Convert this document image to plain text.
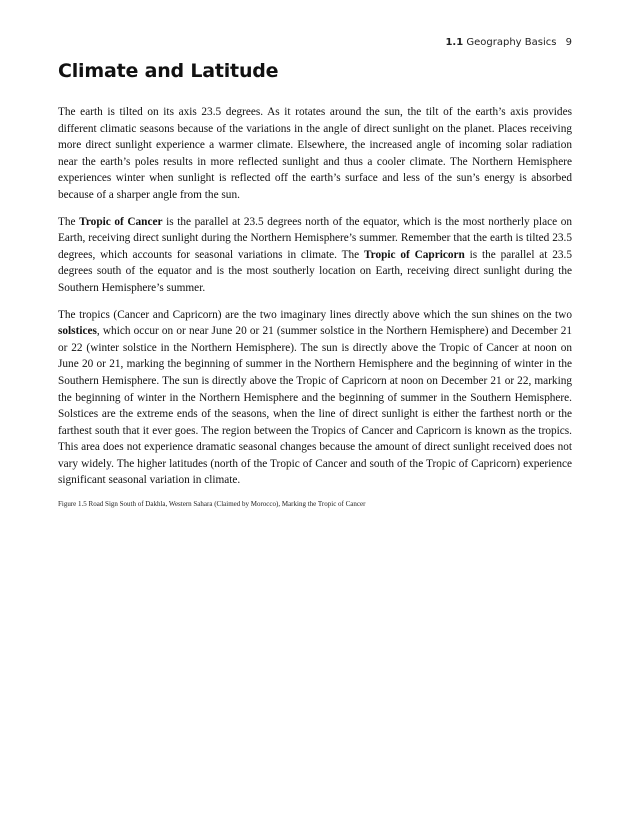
1.1 Geography Basics 9
Climate and Latitude

The earth is tilted on its axis 23.5 degrees. As it rotates around the sun, the tilt of the earth’s axis provides different climatic seasons because of the variations in the angle of direct sunlight on the planet. Places receiving more direct sunlight experience a warmer climate. Elsewhere, the increased angle of incoming solar radiation near the earth’s poles results in more reflected sunlight and thus a cooler climate. The Northern Hemisphere experiences winter when sunlight is reflected off the earth’s surface and less of the sun’s energy is absorbed because of a sharper angle from the sun.

The Tropic of Cancer is the parallel at 23.5 degrees north of the equator, which is the most northerly place on Earth, receiving direct sunlight during the Northern Hemisphere’s summer. Remember that the earth is tilted 23.5 degrees, which accounts for seasonal variations in climate. The Tropic of Capricorn is the parallel at 23.5 degrees south of the equator and is the most southerly location on Earth, receiving direct sunlight during the Southern Hemisphere’s summer.

The tropics (Cancer and Capricorn) are the two imaginary lines directly above which the sun shines on the two solstices, which occur on or near June 20 or 21 (summer solstice in the Northern Hemisphere) and December 21 or 22 (winter solstice in the Northern Hemisphere). The sun is directly above the Tropic of Cancer at noon on June 20 or 21, marking the beginning of summer in the Northern Hemisphere and the beginning of winter in the Southern Hemisphere. The sun is directly above the Tropic of Capricorn at noon on December 21 or 22, marking the beginning of winter in the Northern Hemisphere and the beginning of summer in the Southern Hemisphere. Solstices are the extreme ends of the seasons, when the line of direct sunlight is either the farthest north or the farthest south that it ever goes. The region between the Tropics of Cancer and Capricorn is known as the tropics. This area does not experience dramatic seasonal changes because the amount of direct sunlight received does not vary widely. The higher latitudes (north of the Tropic of Cancer and south of the Tropic of Capricorn) experience significant seasonal variation in climate.

Figure 1.5 Road Sign South of Dakhla, Western Sahara (Claimed by Morocco), Marking the Tropic of Cancer
